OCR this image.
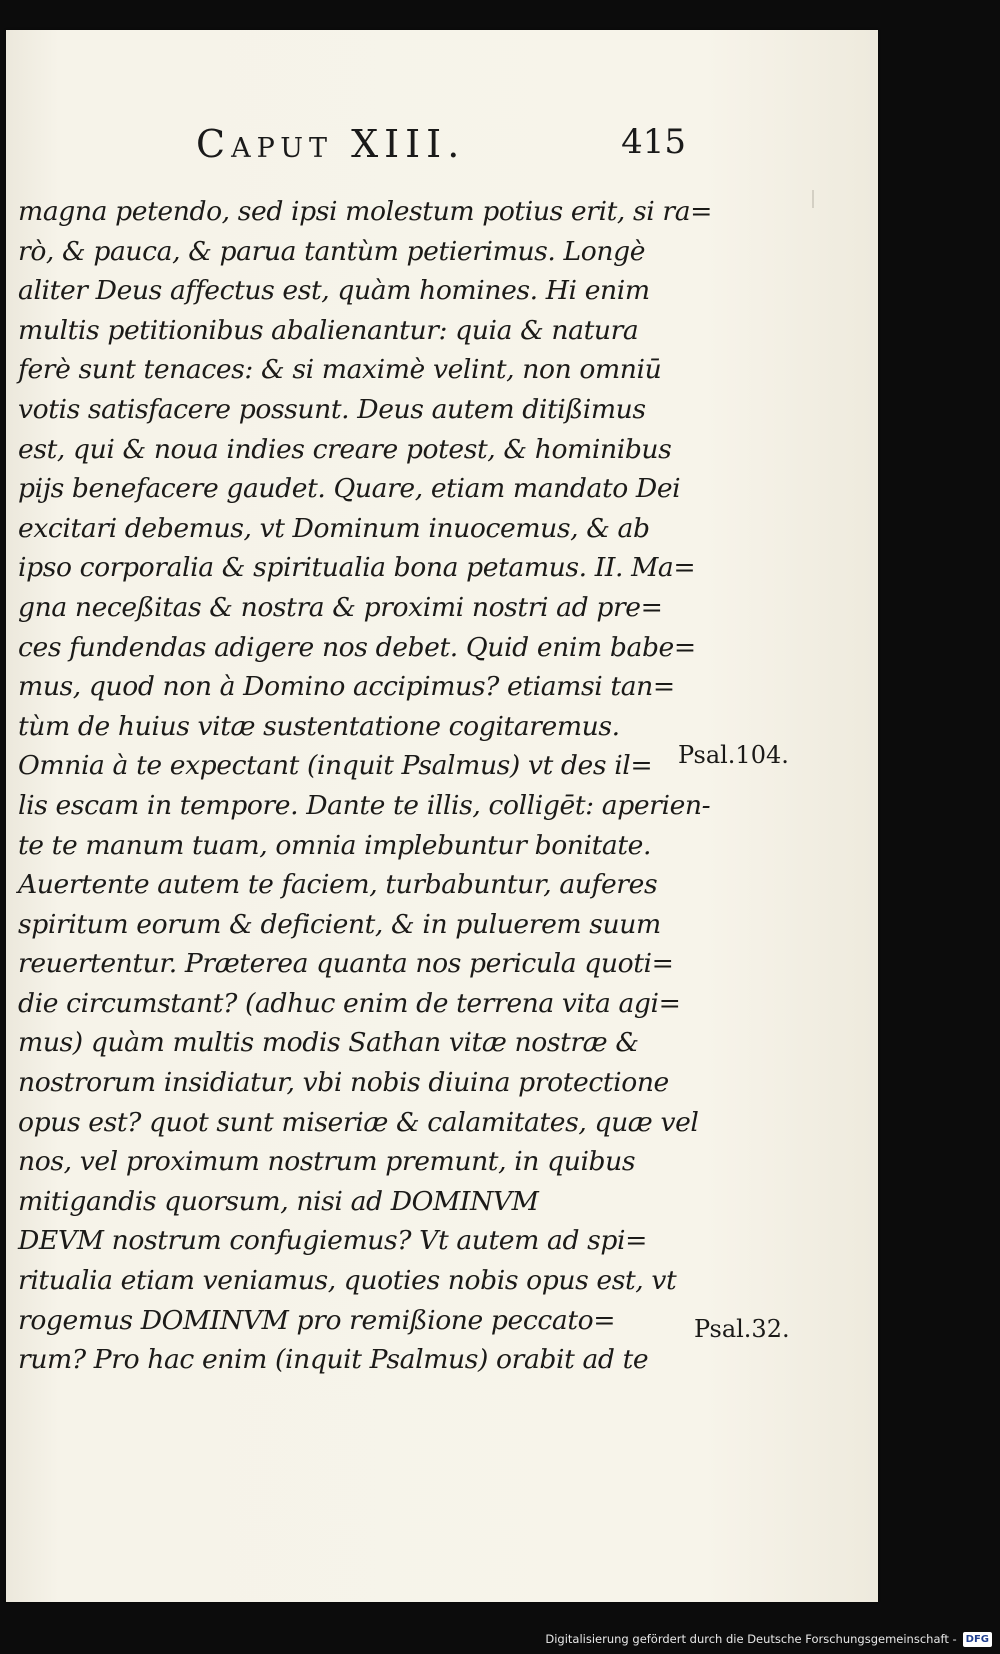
Caput XIII.	415
magna petendo, sed ipsi molestum potius erit, si ra=
rò, & pauca, & parua tantùm petierimus. Longè
aliter Deus affectus est, quàm homines. Hi enim
multis petitionibus abalienantur: quia & natura
ferè sunt tenaces: & si maximè velint, non omniū
votis satisfacere possunt. Deus autem ditißimus
est, qui & noua indies creare potest, & hominibus
pijs benefacere gaudet. Quare, etiam mandato Dei
excitari debemus, vt Dominum inuocemus, & ab
ipso corporalia & spiritualia bona petamus. II. Ma=
gna neceßitas & nostra & proximi nostri ad pre=
ces fundendas adigere nos debet. Quid enim babe=
mus, quod non à Domino accipimus? etiamsi tan=
tùm de huius vitæ sustentatione cogitaremus.
Omnia à te expectant (inquit Psalmus) vt des il=
lis escam in tempore. Dante te illis, colligēt: aperien-
te te manum tuam, omnia implebuntur bonitate.
Auertente autem te faciem, turbabuntur, auferes
spiritum eorum & deficient, & in puluerem suum
reuertentur. Præterea quanta nos pericula quoti=
die circumstant? (adhuc enim de terrena vita agi=
mus) quàm multis modis Sathan vitæ nostræ &
nostrorum insidiatur, vbi nobis diuina protectione
opus est? quot sunt miseriæ & calamitates, quæ vel
nos, vel proximum nostrum premunt, in quibus
mitigandis quorsum, nisi ad DOMINVM
DEVM nostrum confugiemus? Vt autem ad spi=
ritualia etiam veniamus, quoties nobis opus est, vt
rogemus DOMINVM pro remißione peccato=
rum? Pro hac enim (inquit Psalmus) orabit ad te
Psal.104.
Psal.32.
Digitalisierung gefördert durch die Deutsche Forschungsgemeinschaft - DFG
